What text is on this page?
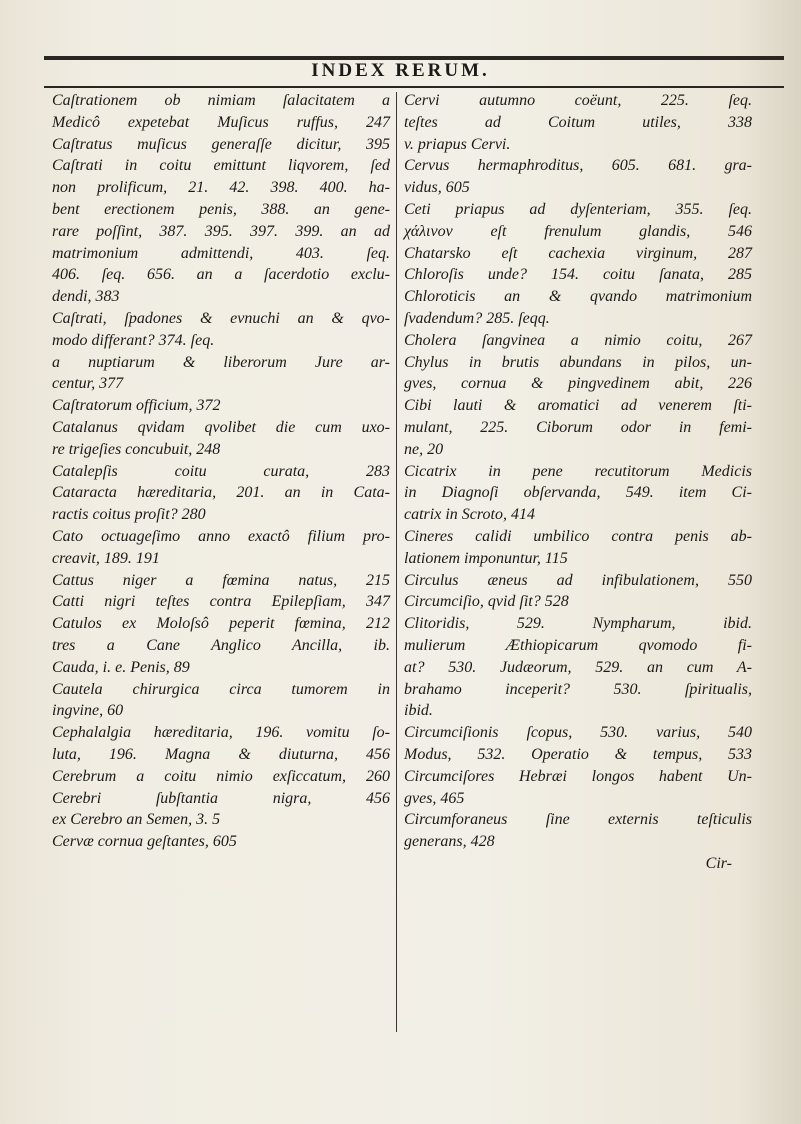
INDEX RERUM.
Caſtrationem ob nimiam ſalacitatem a
Medicô expetebat Muſicus ruffus, 247
Caſtratus muſicus generaſſe dicitur, 395
Caſtrati in coitu emittunt liqvorem, ſed
non prolificum, 21. 42. 398. 400. ha-
bent erectionem penis, 388. an gene-
rare poſſint, 387. 395. 397. 399. an ad
matrimonium admittendi, 403. ſeq.
406. ſeq. 656. an a ſacerdotio exclu-
dendi, 383
Caſtrati, ſpadones & evnuchi an & qvo-
modo differant? 374. ſeq.
a nuptiarum & liberorum Jure ar-
centur, 377
Caſtratorum officium, 372
Catalanus qvidam qvolibet die cum uxo-
re trigeſies concubuit, 248
Catalepſis coitu curata, 283
Cataracta hæreditaria, 201. an in Cata-
ractis coitus proſit? 280
Cato octuageſimo anno exactô filium pro-
creavit, 189. 191
Cattus niger a fœmina natus, 215
Catti nigri teſtes contra Epilepſiam, 347
Catulos ex Moloſsô peperit fœmina, 212
tres a Cane Anglico Ancilla, ib.
Cauda, i. e. Penis, 89
Cautela chirurgica circa tumorem in
ingvine, 60
Cephalalgia hæreditaria, 196. vomitu ſo-
luta, 196. Magna & diuturna, 456
Cerebrum a coitu nimio exſiccatum, 260
Cerebri ſubſtantia nigra, 456
ex Cerebro an Semen, 3. 5
Cervæ cornua geſtantes, 605
Cervi autumno coëunt, 225. ſeq.
teſtes ad Coitum utiles, 338
v. priapus Cervi.
Cervus hermaphroditus, 605. 681. gra-
vidus, 605
Ceti priapus ad dyſenteriam, 355. ſeq.
χάλινον eſt frenulum glandis, 546
Chatarsko eſt cachexia virginum, 287
Chloroſis unde? 154. coitu ſanata, 285
Chloroticis an & qvando matrimonium
ſvadendum? 285. ſeqq.
Cholera ſangvinea a nimio coitu, 267
Chylus in brutis abundans in pilos, un-
gves, cornua & pingvedinem abit, 226
Cibi lauti & aromatici ad venerem ſti-
mulant, 225. Ciborum odor in femi-
ne, 20
Cicatrix in pene recutitorum Medicis
in Diagnoſi obſervanda, 549. item Ci-
catrix in Scroto, 414
Cineres calidi umbilico contra penis ab-
lationem imponuntur, 115
Circulus æneus ad infibulationem, 550
Circumciſio, qvid ſit? 528
Clitoridis, 529. Nympharum, ibid.
mulierum Æthiopicarum qvomodo fi-
at? 530. Judæorum, 529. an cum A-
brahamo inceperit? 530. ſpiritualis,
ibid.
Circumciſionis ſcopus, 530. varius, 540
Modus, 532. Operatio & tempus, 533
Circumciſores Hebræi longos habent Un-
gves, 465
Circumforaneus ſine externis teſticulis
generans, 428
Cir-
